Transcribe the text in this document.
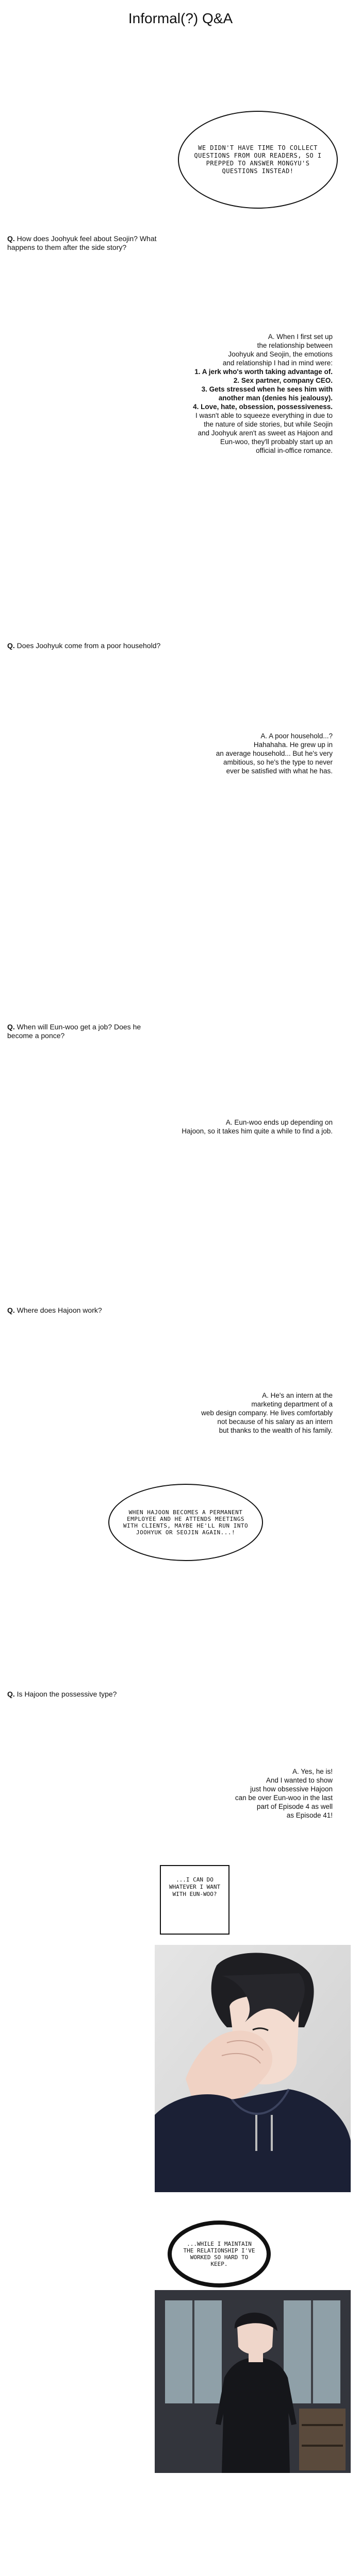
Informal(?) Q&A
WE DIDN'T HAVE TIME TO COLLECT QUESTIONS FROM OUR READERS, SO I PREPPED TO ANSWER MONGYU'S QUESTIONS INSTEAD!
Q. How does Joohyuk feel about Seojin? What happens to them after the side story?
A. When I first set up
the relationship between
Joohyuk and Seojin, the emotions
and relationship I had in mind were:
1. A jerk who's worth taking advantage of.
2. Sex partner, company CEO.
3. Gets stressed when he sees him with
another man (denies his jealousy).
4. Love, hate, obsession, possessiveness.
I wasn't able to squeeze everything in due to
the nature of side stories, but while Seojin
and Joohyuk aren't as sweet as Hajoon and
Eun-woo, they'll probably start up an
official in-office romance.
Q. Does Joohyuk come from a poor household?
A. A poor household...?
Hahahaha. He grew up in
an average household... But he's very
ambitious, so he's the type to never
ever be satisfied with what he has.
Q. When will Eun-woo get a job? Does he become a ponce?
A. Eun-woo ends up depending on
Hajoon, so it takes him quite a while to find a job.
Q. Where does Hajoon work?
A. He's an intern at the
marketing department of a
web design company. He lives comfortably
not because of his salary as an intern
but thanks to the wealth of his family.
WHEN HAJOON BECOMES A PERMANENT EMPLOYEE AND HE ATTENDS MEETINGS WITH CLIENTS, MAYBE HE'LL RUN INTO JOOHYUK OR SEOJIN AGAIN...!
Q. Is Hajoon the possessive type?
A. Yes, he is!
And I wanted to show
just how obsessive Hajoon
can be over Eun-woo in the last
part of Episode 4 as well
as Episode 41!
...I CAN DO WHATEVER I WANT WITH EUN-WOO?
...WHILE I MAINTAIN THE RELATIONSHIP I'VE WORKED SO HARD TO KEEP.
